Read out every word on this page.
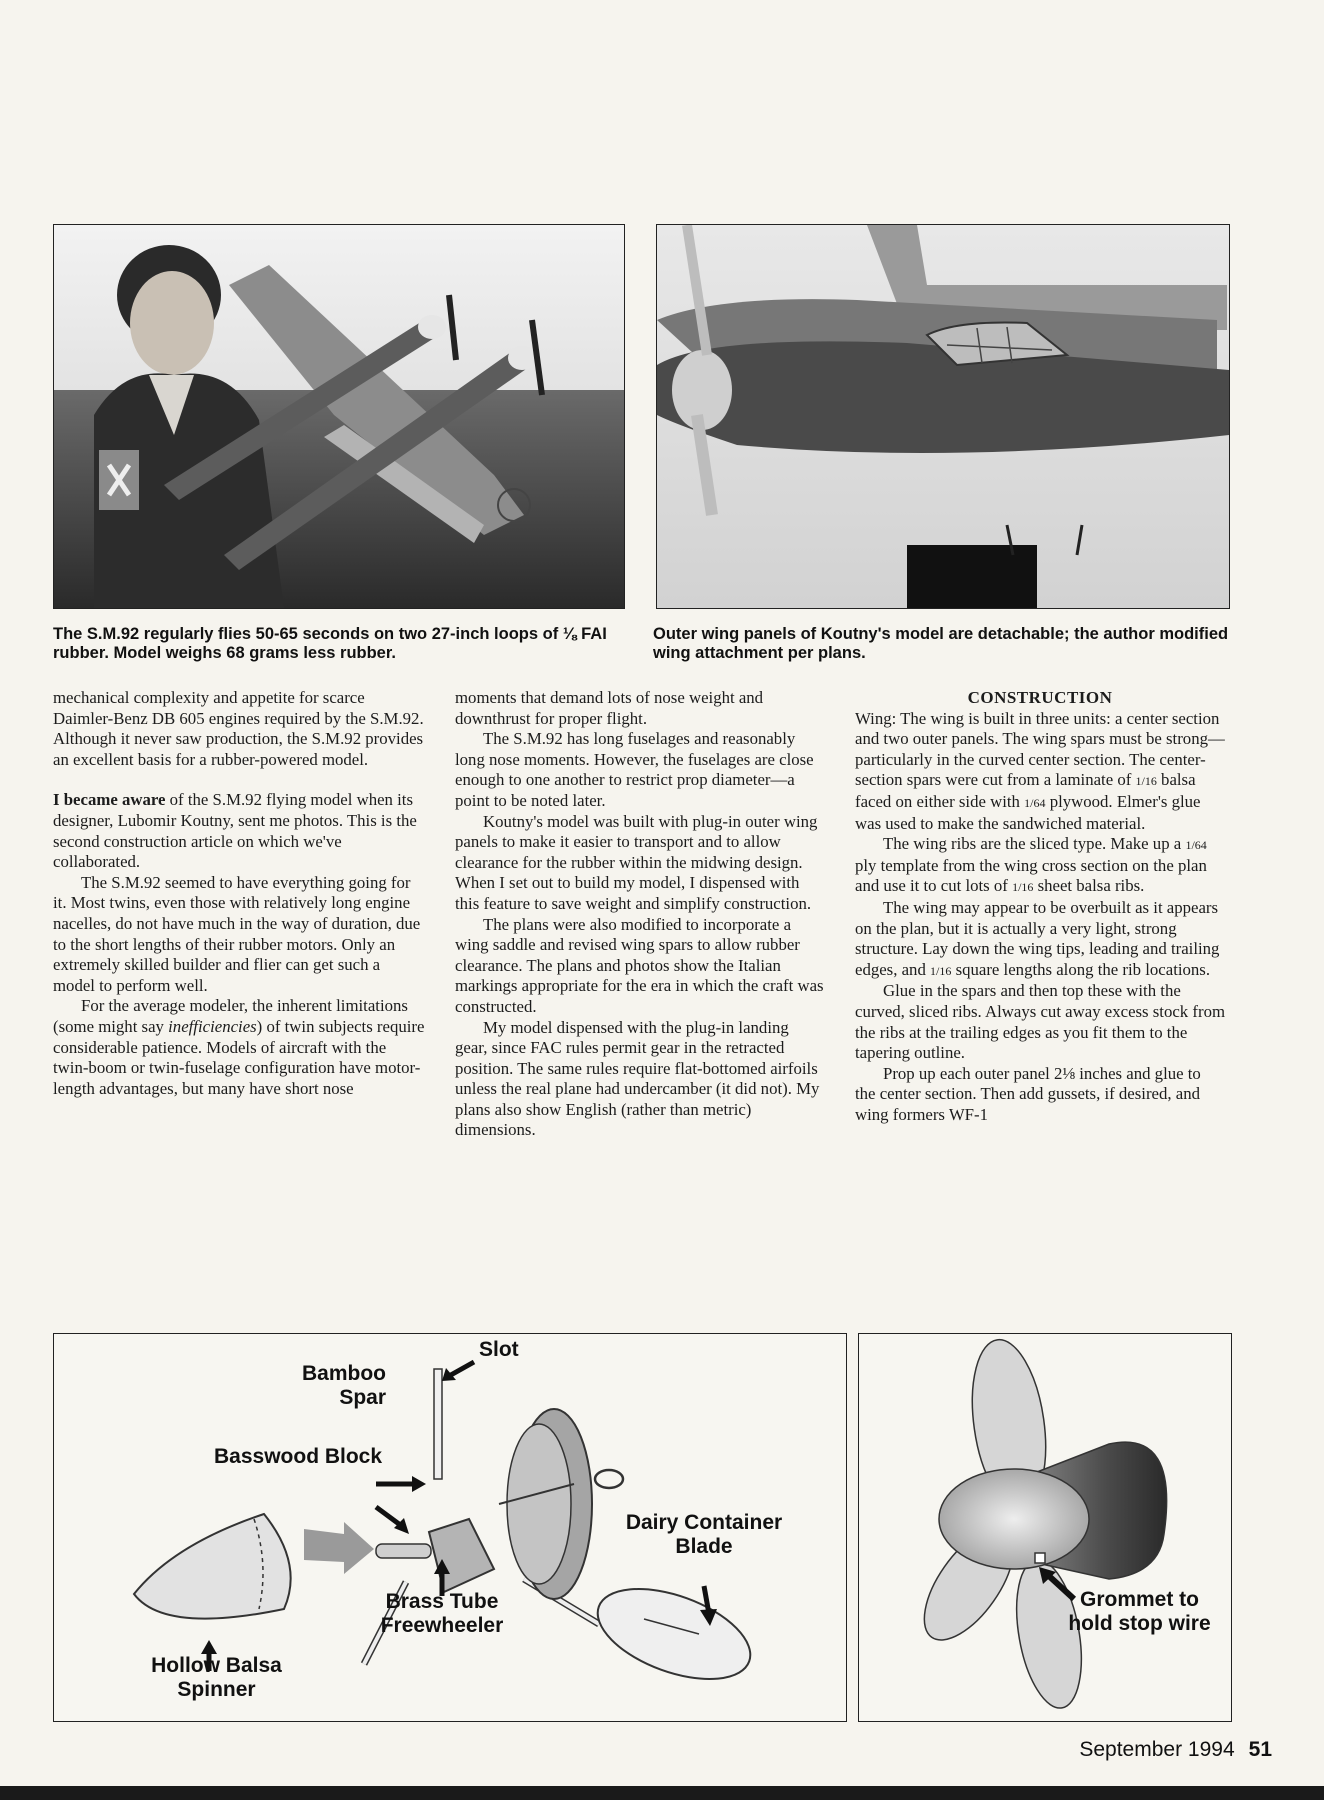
The S.M.92 regularly flies 50-65 seconds on two 27-inch loops of ⅛ FAI rubber. Model weighs 68 grams less rubber.
Outer wing panels of Koutny's model are detachable; the author modified wing attachment per plans.

mechanical complexity and appetite for scarce Daimler-Benz DB 605 engines required by the S.M.92. Although it never saw production, the S.M.92 provides an excellent basis for a rubber-powered model.

I became aware of the S.M.92 flying model when its designer, Lubomir Koutny, sent me photos. This is the second construction article on which we've collaborated.

The S.M.92 seemed to have everything going for it. Most twins, even those with relatively long engine nacelles, do not have much in the way of duration, due to the short lengths of their rubber motors. Only an extremely skilled builder and flier can get such a model to perform well.

For the average modeler, the inherent limitations (some might say inefficiencies) of twin subjects require considerable patience. Models of aircraft with the twin-boom or twin-fuselage configuration have motor-length advantages, but many have short nose

moments that demand lots of nose weight and downthrust for proper flight.

The S.M.92 has long fuselages and reasonably long nose moments. However, the fuselages are close enough to one another to restrict prop diameter—a point to be noted later.

Koutny's model was built with plug-in outer wing panels to make it easier to transport and to allow clearance for the rubber within the midwing design. When I set out to build my model, I dispensed with this feature to save weight and simplify construction.

The plans were also modified to incorporate a wing saddle and revised wing spars to allow rubber clearance. The plans and photos show the Italian markings appropriate for the era in which the craft was constructed.

My model dispensed with the plug-in landing gear, since FAC rules permit gear in the retracted position. The same rules require flat-bottomed airfoils unless the real plane had undercamber (it did not). My plans also show English (rather than metric) dimensions.

CONSTRUCTION

Wing: The wing is built in three units: a center section and two outer panels. The wing spars must be strong—particularly in the curved center section. The center-section spars were cut from a laminate of 1/16 balsa faced on either side with 1/64 plywood. Elmer's glue was used to make the sandwiched material.

The wing ribs are the sliced type. Make up a 1/64 ply template from the wing cross section on the plan and use it to cut lots of 1/16 sheet balsa ribs.

The wing may appear to be overbuilt as it appears on the plan, but it is actually a very light, strong structure. Lay down the wing tips, leading and trailing edges, and 1/16 square lengths along the rib locations.

Glue in the spars and then top these with the curved, sliced ribs. Always cut away excess stock from the ribs at the trailing edges as you fit them to the tapering outline.

Prop up each outer panel 2⅛ inches and glue to the center section. Then add gussets, if desired, and wing formers WF-1

Slot
Bamboo
Spar
Basswood Block
Dairy Container
Blade
Brass Tube
Freewheeler
Hollow Balsa
Spinner
Grommet to
hold stop wire
September 1994 51
